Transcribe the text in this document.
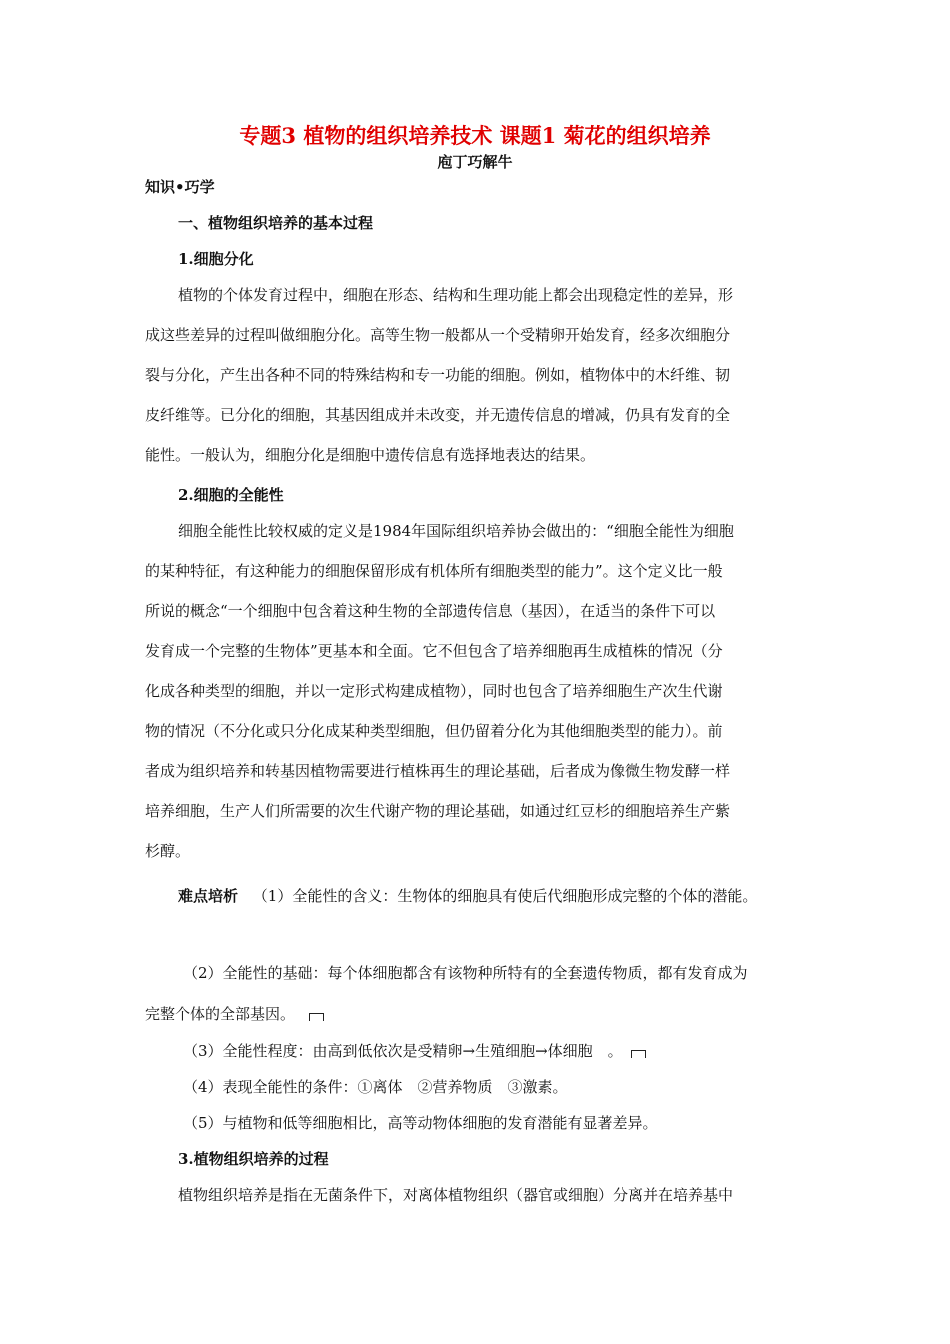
专题3 植物的组织培养技术 课题1 菊花的组织培养
庖丁巧解牛
知识•巧学
一、植物组织培养的基本过程
1.细胞分化
植物的个体发育过程中，细胞在形态、结构和生理功能上都会出现稳定性的差异，形
成这些差异的过程叫做细胞分化。高等生物一般都从一个受精卵开始发育，经多次细胞分
裂与分化，产生出各种不同的特殊结构和专一功能的细胞。例如，植物体中的木纤维、韧
皮纤维等。已分化的细胞，其基因组成并未改变，并无遗传信息的增减，仍具有发育的全
能性。一般认为，细胞分化是细胞中遗传信息有选择地表达的结果。
2.细胞的全能性
细胞全能性比较权威的定义是1984年国际组织培养协会做出的：“细胞全能性为细胞
的某种特征，有这种能力的细胞保留形成有机体所有细胞类型的能力”。这个定义比一般
所说的概念“一个细胞中包含着这种生物的全部遗传信息（基因），在适当的条件下可以
发育成一个完整的生物体”更基本和全面。它不但包含了培养细胞再生成植株的情况（分
化成各种类型的细胞，并以一定形式构建成植物），同时也包含了培养细胞生产次生代谢
物的情况（不分化或只分化成某种类型细胞，但仍留着分化为其他细胞类型的能力）。前
者成为组织培养和转基因植物需要进行植株再生的理论基础，后者成为像微生物发酵一样
培养细胞，生产人们所需要的次生代谢产物的理论基础，如通过红豆杉的细胞培养生产紫
杉醇。
难点培析 （1）全能性的含义：生物体的细胞具有使后代细胞形成完整的个体的潜能。
（2）全能性的基础：每个体细胞都含有该物种所特有的全套遗传物质，都有发育成为
完整个体的全部基因。
（3）全能性程度：由高到低依次是受精卵→生殖细胞→体细胞　。
（4）表现全能性的条件：①离体　②营养物质　③激素。
（5）与植物和低等细胞相比，高等动物体细胞的发育潜能有显著差异。
3.植物组织培养的过程
植物组织培养是指在无菌条件下，对离体植物组织（器官或细胞）分离并在培养基中
